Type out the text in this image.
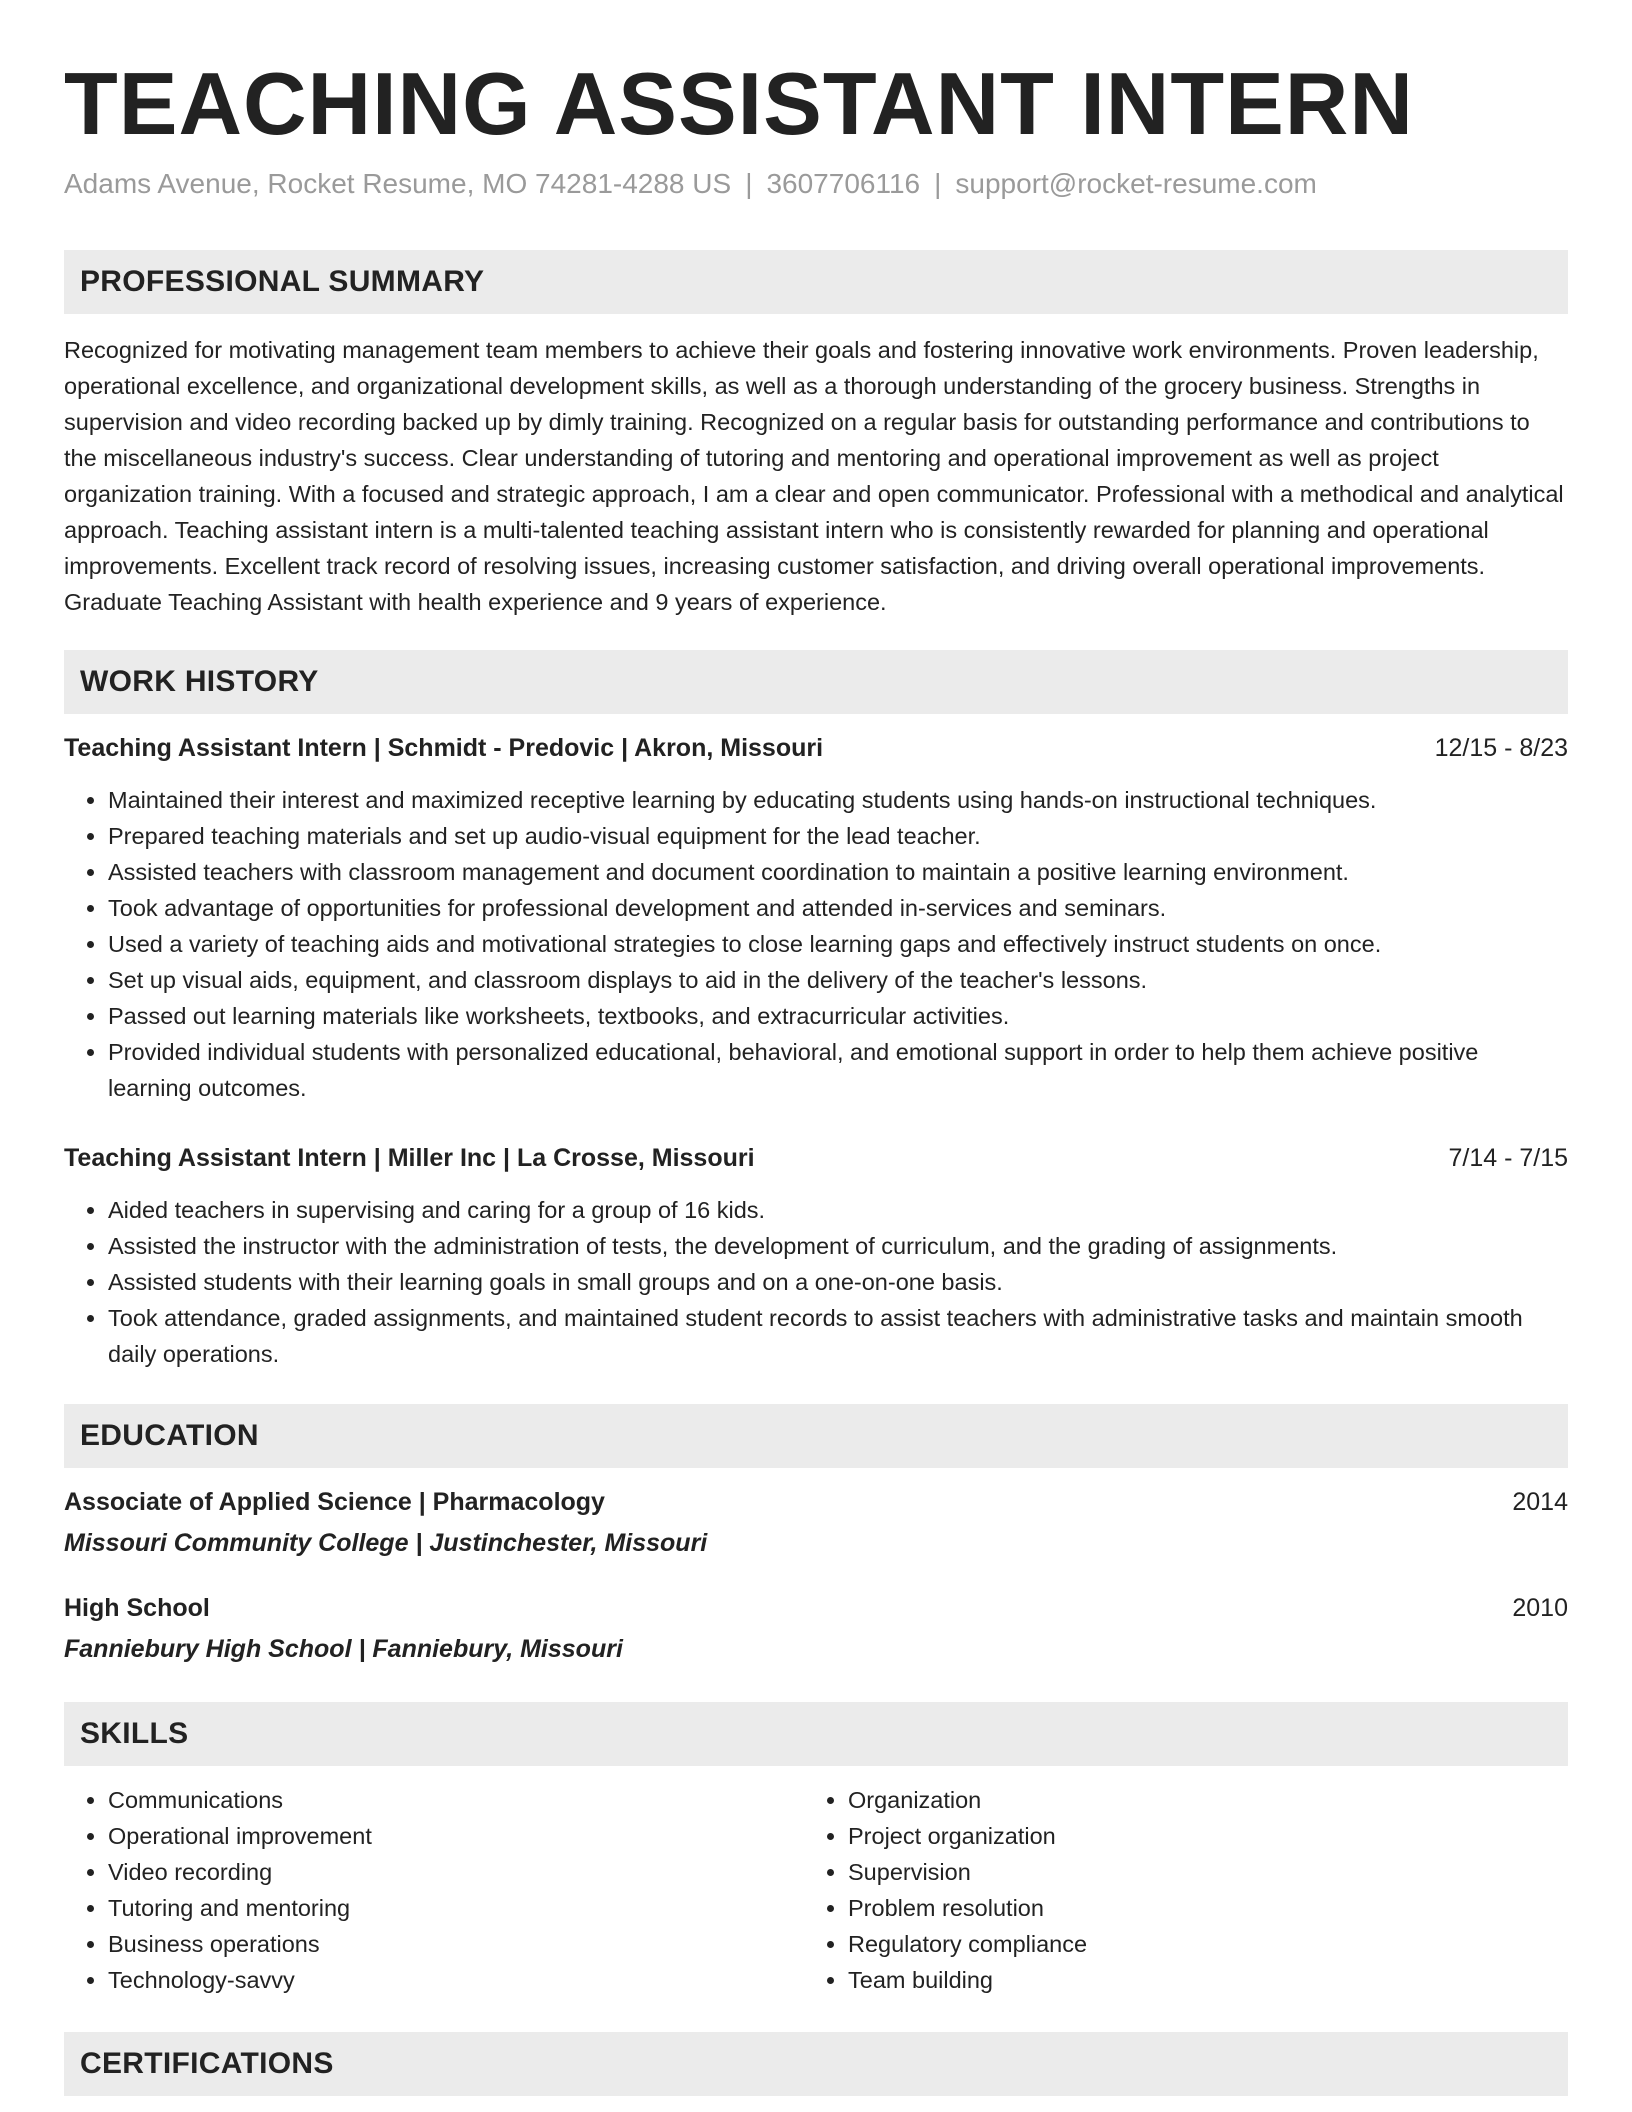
TEACHING ASSISTANT INTERN
Adams Avenue, Rocket Resume, MO 74281-4288 US | 3607706116 | support@rocket-resume.com
PROFESSIONAL SUMMARY

Recognized for motivating management team members to achieve their goals and fostering innovative work environments. Proven leadership, operational excellence, and organizational development skills, as well as a thorough understanding of the grocery business. Strengths in supervision and video recording backed up by dimly training. Recognized on a regular basis for outstanding performance and contributions to the miscellaneous industry's success. Clear understanding of tutoring and mentoring and operational improvement as well as project organization training. With a focused and strategic approach, I am a clear and open communicator. Professional with a methodical and analytical approach. Teaching assistant intern is a multi-talented teaching assistant intern who is consistently rewarded for planning and operational improvements. Excellent track record of resolving issues, increasing customer satisfaction, and driving overall operational improvements. Graduate Teaching Assistant with health experience and 9 years of experience.

WORK HISTORY
Teaching Assistant Intern | Schmidt - Predovic | Akron, Missouri	12/15 - 8/23
• Maintained their interest and maximized receptive learning by educating students using hands-on instructional techniques.
• Prepared teaching materials and set up audio-visual equipment for the lead teacher.
• Assisted teachers with classroom management and document coordination to maintain a positive learning environment.
• Took advantage of opportunities for professional development and attended in-services and seminars.
• Used a variety of teaching aids and motivational strategies to close learning gaps and effectively instruct students on once.
• Set up visual aids, equipment, and classroom displays to aid in the delivery of the teacher's lessons.
• Passed out learning materials like worksheets, textbooks, and extracurricular activities.
• Provided individual students with personalized educational, behavioral, and emotional support in order to help them achieve positive learning outcomes.
Teaching Assistant Intern | Miller Inc | La Crosse, Missouri	7/14 - 7/15
• Aided teachers in supervising and caring for a group of 16 kids.
• Assisted the instructor with the administration of tests, the development of curriculum, and the grading of assignments.
• Assisted students with their learning goals in small groups and on a one-on-one basis.
• Took attendance, graded assignments, and maintained student records to assist teachers with administrative tasks and maintain smooth daily operations.
EDUCATION
Associate of Applied Science | Pharmacology	2014
Missouri Community College | Justinchester, Missouri
High School	2010
Fanniebury High School | Fanniebury, Missouri
SKILLS
• Communications
• Operational improvement
• Video recording
• Tutoring and mentoring
• Business operations
• Technology-savvy
• Organization
• Project organization
• Supervision
• Problem resolution
• Regulatory compliance
• Team building
CERTIFICATIONS
